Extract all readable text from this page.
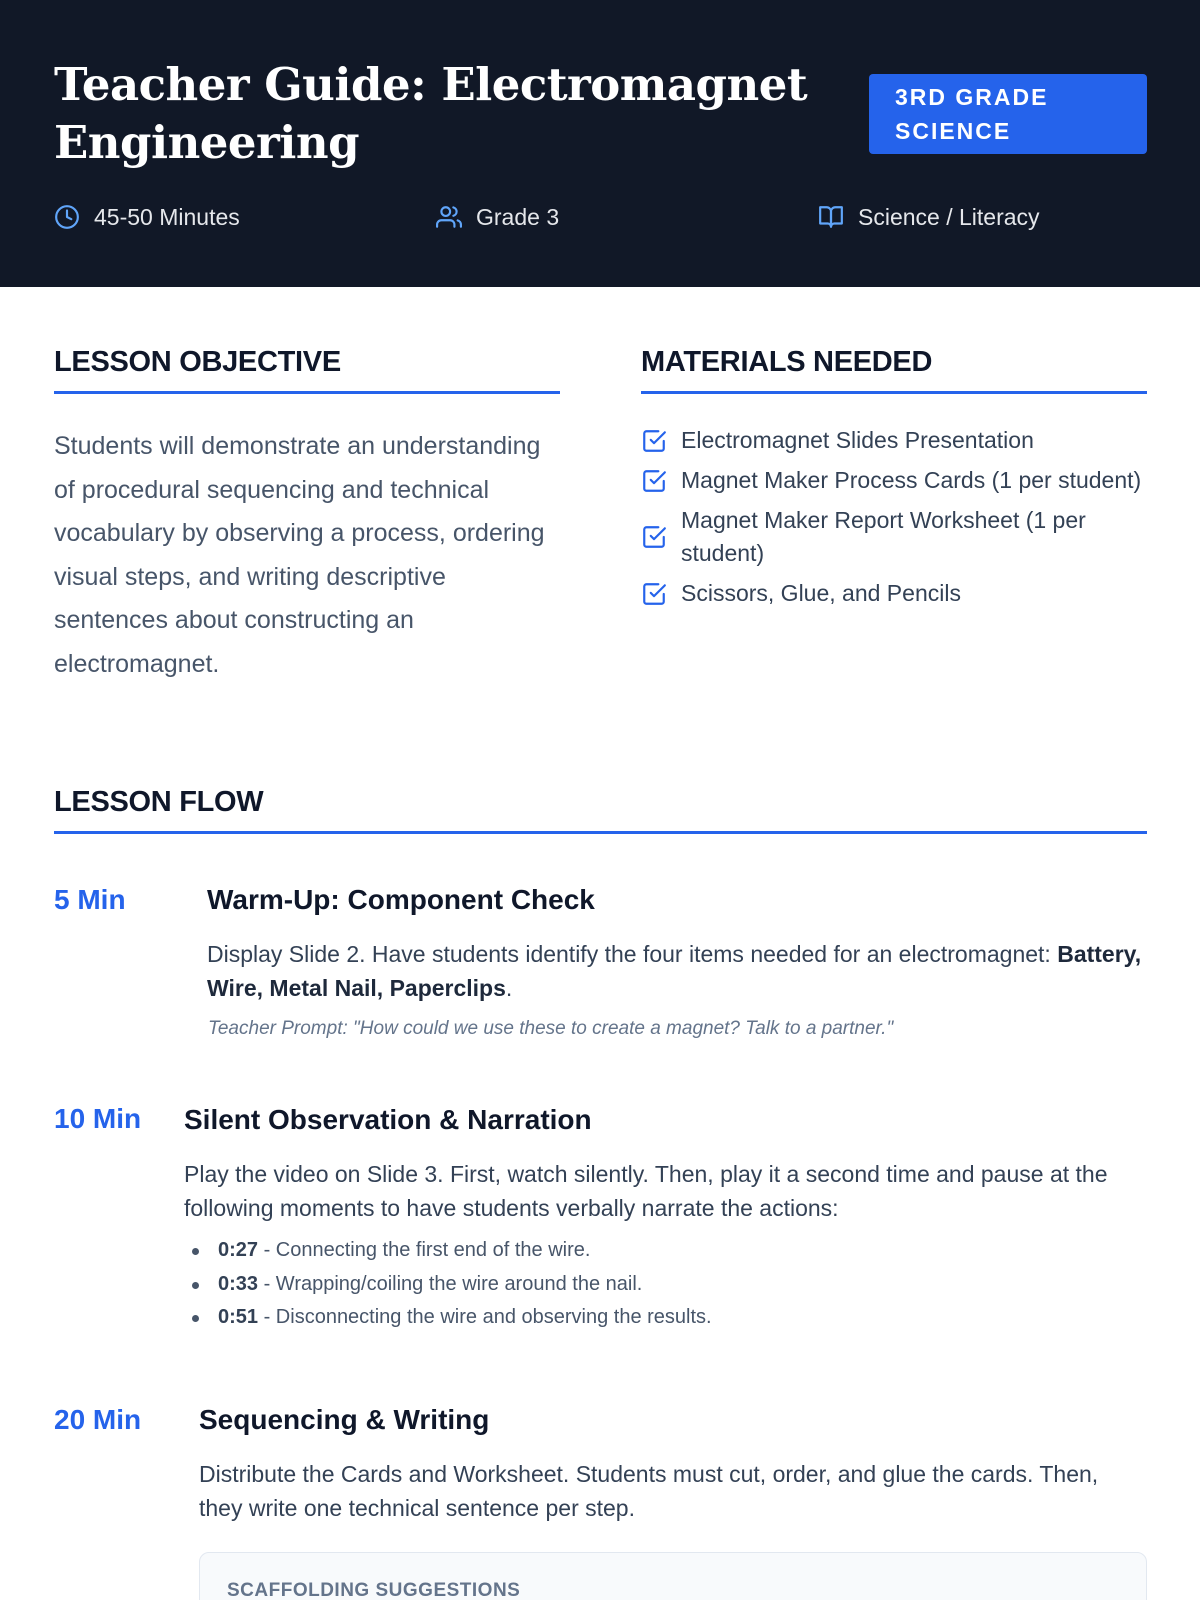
Teacher Guide: Electromagnet Engineering
3RD GRADE SCIENCE
45-50 Minutes	Grade 3	Science / Literacy
LESSON OBJECTIVE

Students will demonstrate an understanding of procedural sequencing and technical vocabulary by observing a process, ordering visual steps, and writing descriptive sentences about constructing an electromagnet.

MATERIALS NEEDED
Electromagnet Slides Presentation
Magnet Maker Process Cards (1 per student)
Magnet Maker Report Worksheet (1 per student)
Scissors, Glue, and Pencils
LESSON FLOW
5 Min	Warm-Up: Component Check

Display Slide 2. Have students identify the four items needed for an electromagnet: Battery, Wire, Metal Nail, Paperclips.

Teacher Prompt: "How could we use these to create a magnet? Talk to a partner."

10 Min Silent Observation & Narration

Play the video on Slide 3. First, watch silently. Then, play it a second time and pause at the following moments to have students verbally narrate the actions:

0:27 - Connecting the first end of the wire.
0:33 - Wrapping/coiling the wire around the nail.
0:51 - Disconnecting the wire and observing the results.
20 Min	Sequencing & Writing

Distribute the Cards and Worksheet. Students must cut, order, and glue the cards. Then, they write one technical sentence per step.

SCAFFOLDING SUGGESTIONS
